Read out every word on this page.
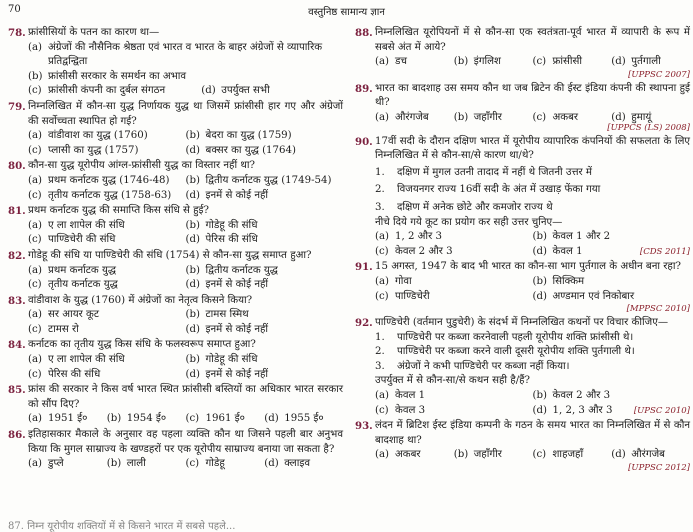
70	वस्तुनिष्ठ सामान्य ज्ञान
78. फ्रांसीसियों के पतन का कारण था—
(a) अंग्रेजों की नौसैनिक श्रेष्ठता एवं भारत व भारत के बाहर अंग्रेजों से व्यापारिक प्रतिद्वन्द्विता
(b) फ्रांसीसी सरकार के समर्थन का अभाव
(c) फ्रांसीसी कंपनी का दुर्बल संगठन	(d) उपर्युक्त सभी
79. निम्नलिखित में कौन-सा युद्ध निर्णायक युद्ध था जिसमें फ्रांसीसी हार गए और अंग्रेजों की सर्वोच्चता स्थापित हो गई?
(a) वांडीवाश का युद्ध (1760)	(b) बेदरा का युद्ध (1759)
(c) प्लासी का युद्ध (1757)	(d) बक्सर का युद्ध (1764)
80. कौन-सा युद्ध यूरोपीय आंग्ल-फ्रांसीसी युद्ध का विस्तार नहीं था?
(a) प्रथम कर्नाटक युद्ध (1746-48) (b) द्वितीय कर्नाटक युद्ध (1749-54)
(c) तृतीय कर्नाटक युद्ध (1758-63) (d) इनमें से कोई नहीं
81. प्रथम कर्नाटक युद्ध की समाप्ति किस संधि से हुई?
(a) ए ला शापेल की संधि	(b) गोडेहू की संधि
(c) पाण्डिचेरी की संधि	(d) पेरिस की संधि
82. गोडेहू की संधि या पाण्डिचेरी की संधि (1754) से कौन-सा युद्ध समाप्त हुआ?
(a) प्रथम कर्नाटक युद्ध	(b) द्वितीय कर्नाटक युद्ध
(c) तृतीय कर्नाटक युद्ध	(d) इनमें से कोई नहीं
83. वांडीवाश के युद्ध (1760) में अंग्रेजों का नेतृत्व किसने किया?
(a) सर आयर कूट	(b) टामस स्मिथ
(c) टामस रो	(d) इनमें से कोई नहीं
84. कर्नाटक का तृतीय युद्ध किस संधि के फलस्वरूप समाप्त हुआ?
(a) ए ला शापेल की संधि	(b) गोडेहू की संधि
(c) पेरिस की संधि	(d) इनमें से कोई नहीं
85. फ्रांस की सरकार ने किस वर्ष भारत स्थित फ्रांसीसी बस्तियों का अधिकार भारत सरकार को सौंप दिए?
(a) 1951 ई० (b) 1954 ई० (c) 1961 ई० (d) 1955 ई०
86. इतिहासकार मैकाले के अनुसार वह पहला व्यक्ति कौन था जिसने पहली बार अनुभव किया कि मुगल साम्राज्य के खण्डहरों पर एक यूरोपीय साम्राज्य बनाया जा सकता है?
(a) डुप्ले	(b) लाली	(c) गोडेहू	(d) क्लाइव
87. निम्न यूरोपीय शक्तियों में से किसने भारत में सबसे पहले...
88. निम्नलिखित यूरोपियनों में से कौन-सा एक स्वतंत्रता-पूर्व भारत में व्यापारी के रूप में सबसे अंत में आये?
(a) डच	(b) इंगलिश	(c) फ्रांसीसी	(d) पुर्तगाली
[UPPSC 2007]
89. भारत का बादशाह उस समय कौन था जब ब्रिटेन की ईस्ट इंडिया कंपनी की स्थापना हुई थी?
(a) औरंगजेब (b) जहाँगीर	(c) अकबर	(d) हुमायूं
[UPPCS (LS) 2008]
90. 17वीं सदी के दौरान दक्षिण भारत में यूरोपीय व्यापारिक कंपनियों की सफलता के लिए निम्नलिखित में से कौन-सा/से कारण था/थे?
1.	दक्षिण में मुगल उतनी तादाद में नहीं थे जितनी उत्तर में
2.	विजयनगर राज्य 16वीं सदी के अंत में उखाड़ फेंका गया
3.	दक्षिण में अनेक छोटे और कमजोर राज्य थे
नीचे दिये गये कूट का प्रयोग कर सही उत्तर चुनिए—
(a) 1, 2 और 3	(b) केवल 1 और 2
(c) केवल 2 और 3	(d) केवल 1	[CDS 2011]
91. 15 अगस्त, 1947 के बाद भी भारत का कौन-सा भाग पुर्तगाल के अधीन बना रहा?
(a) गोवा	(b) सिक्किम
(c) पाण्डिचेरी	(d) अण्डमान एवं निकोबार
[MPPSC 2010]
92. पाण्डिचेरी (वर्तमान पुडुचेरी) के संदर्भ में निम्नलिखित कथनों पर विचार कीजिए—
1.	पाण्डिचेरी पर कब्जा करनेवाली पहली यूरोपीय शक्ति फ्रांसीसी थे।
2.	पाण्डिचेरी पर कब्जा करने वाली दूसरी यूरोपीय शक्ति पुर्तगाली थे।
3.	अंग्रेजों ने कभी पाण्डिचेरी पर कब्जा नहीं किया।
उपर्युक्त में से कौन-सा/से कथन सही है/हैं?
(a) केवल 1	(b) केवल 2 और 3
(c) केवल 3	(d) 1, 2, 3 और 3	[UPSC 2010]
93. लंदन में ब्रिटिश ईस्ट इंडिया कम्पनी के गठन के समय भारत का निम्नलिखित में से कौन बादशाह था?
(a) अकबर	(b) जहाँगीर	(c) शाहजहाँ	(d) औरंगजेब
[UPPSC 2012]
